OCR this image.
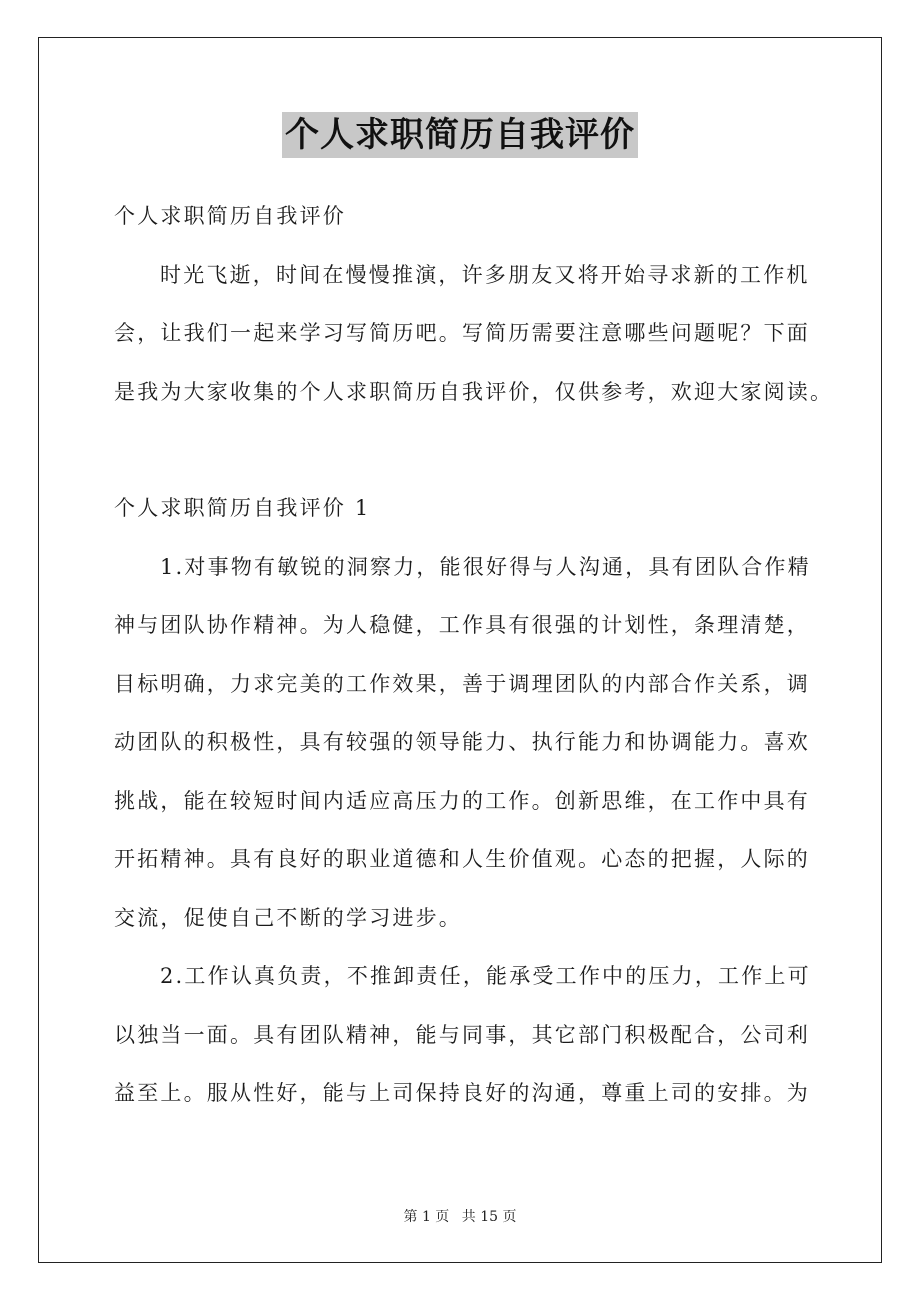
个人求职简历自我评价
个人求职简历自我评价
时光飞逝，时间在慢慢推演，许多朋友又将开始寻求新的工作机
会，让我们一起来学习写简历吧。写简历需要注意哪些问题呢？下面
是我为大家收集的个人求职简历自我评价，仅供参考，欢迎大家阅读。
个人求职简历自我评价 1
1.对事物有敏锐的洞察力，能很好得与人沟通，具有团队合作精
神与团队协作精神。为人稳健，工作具有很强的计划性，条理清楚，
目标明确，力求完美的工作效果，善于调理团队的内部合作关系，调
动团队的积极性，具有较强的领导能力、执行能力和协调能力。喜欢
挑战，能在较短时间内适应高压力的工作。创新思维，在工作中具有
开拓精神。具有良好的职业道德和人生价值观。心态的把握，人际的
交流，促使自己不断的学习进步。
2.工作认真负责，不推卸责任，能承受工作中的压力，工作上可
以独当一面。具有团队精神，能与同事，其它部门积极配合，公司利
益至上。服从性好，能与上司保持良好的沟通，尊重上司的安排。为
第 1 页 共 15 页
